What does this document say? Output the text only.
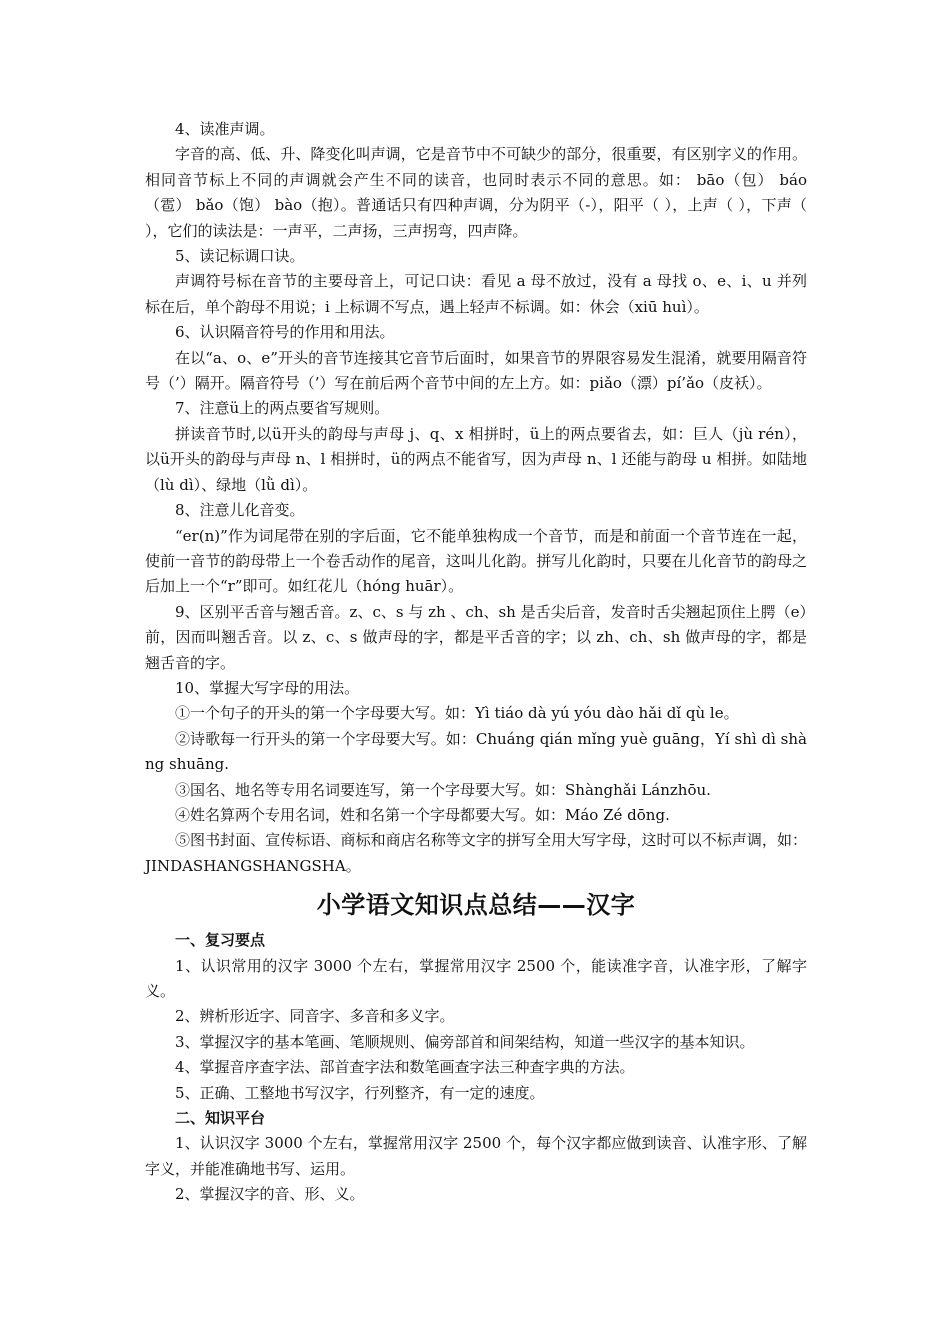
4、读准声调。

字音的高、低、升、降变化叫声调，它是音节中不可缺少的部分，很重要，有区别字义的作用。相同音节标上不同的声调就会产生不同的读音，也同时表示不同的意思。如： bāo（包） báo（雹） bǎo（饱） bào（抱）。普通话只有四种声调，分为阴平（-），阳平（ ），上声（ ），下声（ ），它们的读法是：一声平，二声扬，三声拐弯，四声降。

5、读记标调口诀。

声调符号标在音节的主要母音上，可记口诀：看见 a 母不放过，没有 a 母找 o、e、i、u 并列标在后，单个韵母不用说；i 上标调不写点，遇上轻声不标调。如：休会（xiū huì）。

6、认识隔音符号的作用和用法。

在以“a、o、e”开头的音节连接其它音节后面时，如果音节的界限容易发生混淆，就要用隔音符号（’）隔开。隔音符号（’）写在前后两个音节中间的左上方。如：piǎo（漂）pí’ǎo（皮袄）。

7、注意ü上的两点要省写规则。

拼读音节时,以ü开头的韵母与声母 j、q、x 相拼时，ü上的两点要省去，如：巨人（jù rén），以ü开头的韵母与声母 n、l 相拼时，ü的两点不能省写，因为声母 n、l 还能与韵母 u 相拼。如陆地（lù dì）、绿地（lǜ dì）。

8、注意儿化音变。

“er(n)”作为词尾带在别的字后面，它不能单独构成一个音节，而是和前面一个音节连在一起，使前一音节的韵母带上一个卷舌动作的尾音，这叫儿化韵。拼写儿化韵时，只要在儿化音节的韵母之后加上一个“r”即可。如红花儿（hóng huār）。

9、区别平舌音与翘舌音。z、c、s 与 zh 、ch、sh 是舌尖后音，发音时舌尖翘起顶住上腭（e）前，因而叫翘舌音。以 z、c、s 做声母的字，都是平舌音的字；以 zh、ch、sh 做声母的字，都是翘舌音的字。

10、掌握大写字母的用法。

①一个句子的开头的第一个字母要大写。如：Yì tiáo dà yú yóu dào hǎi dǐ qù le。

②诗歌每一行开头的第一个字母要大写。如：Chuáng qián mǐng yuè guāng，Yí shì dì shàng shuāng.

③国名、地名等专用名词要连写，第一个字母要大写。如：Shànghǎi Lánzhōu.

④姓名算两个专用名词，姓和名第一个字母都要大写。如：Máo Zé dōng.

⑤图书封面、宣传标语、商标和商店名称等文字的拼写全用大写字母，这时可以不标声调，如：JINDASHANGSHANGSHA。

小学语文知识点总结——汉字

一、复习要点

1、认识常用的汉字 3000 个左右，掌握常用汉字 2500 个，能读准字音，认准字形，了解字义。

2、辨析形近字、同音字、多音和多义字。

3、掌握汉字的基本笔画、笔顺规则、偏旁部首和间架结构，知道一些汉字的基本知识。

4、掌握音序查字法、部首查字法和数笔画查字法三种查字典的方法。

5、正确、工整地书写汉字，行列整齐，有一定的速度。

二、知识平台

1、认识汉字 3000 个左右，掌握常用汉字 2500 个，每个汉字都应做到读音、认准字形、了解字义，并能准确地书写、运用。

2、掌握汉字的音、形、义。
